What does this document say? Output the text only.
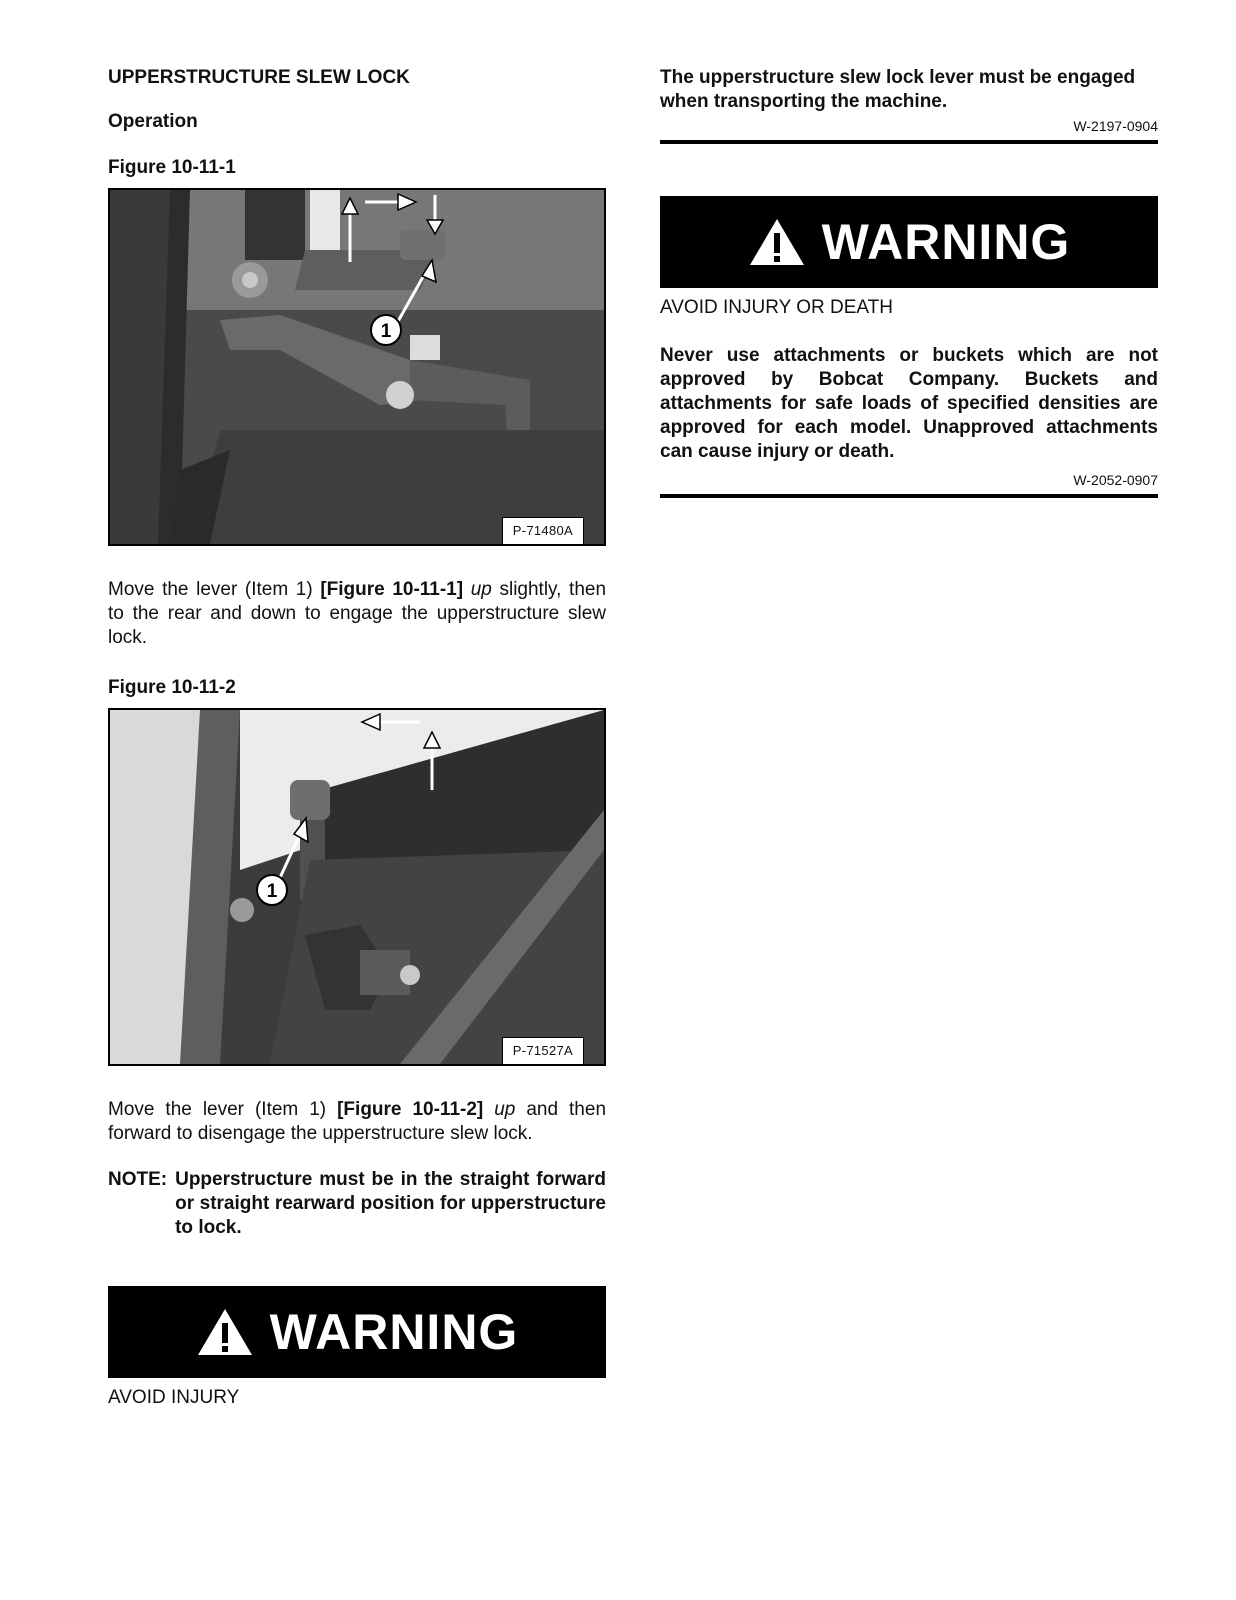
UPPERSTRUCTURE SLEW LOCK
Operation
Figure 10-11-1
1
P-71480A

Move the lever (Item 1) [Figure 10-11-1] up slightly, then to the rear and down to engage the upperstructure slew lock.

Figure 10-11-2
1
P-71527A

Move the lever (Item 1) [Figure 10-11-2] up and then forward to disengage the upperstructure slew lock.

NOTE: Upperstructure must be in the straight forward or straight rearward position for upperstructure to lock.
WARNING
AVOID INJURY

The upperstructure slew lock lever must be engaged when transporting the machine.

W-2197-0904
WARNING
AVOID INJURY OR DEATH
Never use attachments or buckets which are not approved by Bobcat Company. Buckets and attachments for safe loads of specified densities are approved for each model. Unapproved attachments can cause injury or death.
W-2052-0907
